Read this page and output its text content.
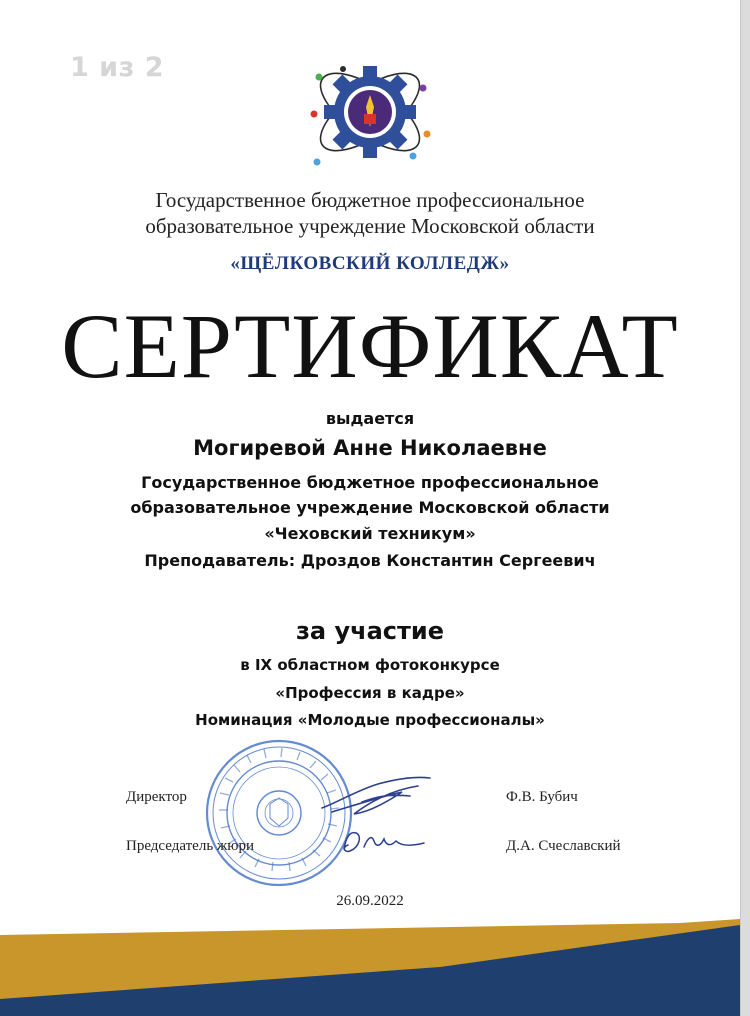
1 из 2
Государственное бюджетное профессиональное
образовательное учреждение Московской области
«ЩЁЛКОВСКИЙ КОЛЛЕДЖ»
СЕРТИФИКАТ
выдается
Могиревой Анне Николаевне
Государственное бюджетное профессиональное
образовательное учреждение Московской области
«Чеховский техникум»
Преподаватель: Дроздов Константин Сергеевич
за участие
в IX областном фотоконкурсе
«Профессия в кадре»
Номинация «Молодые профессионалы»
Директор	Ф.В. Бубич
Председатель жюри	Д.А. Счеславский
26.09.2022
